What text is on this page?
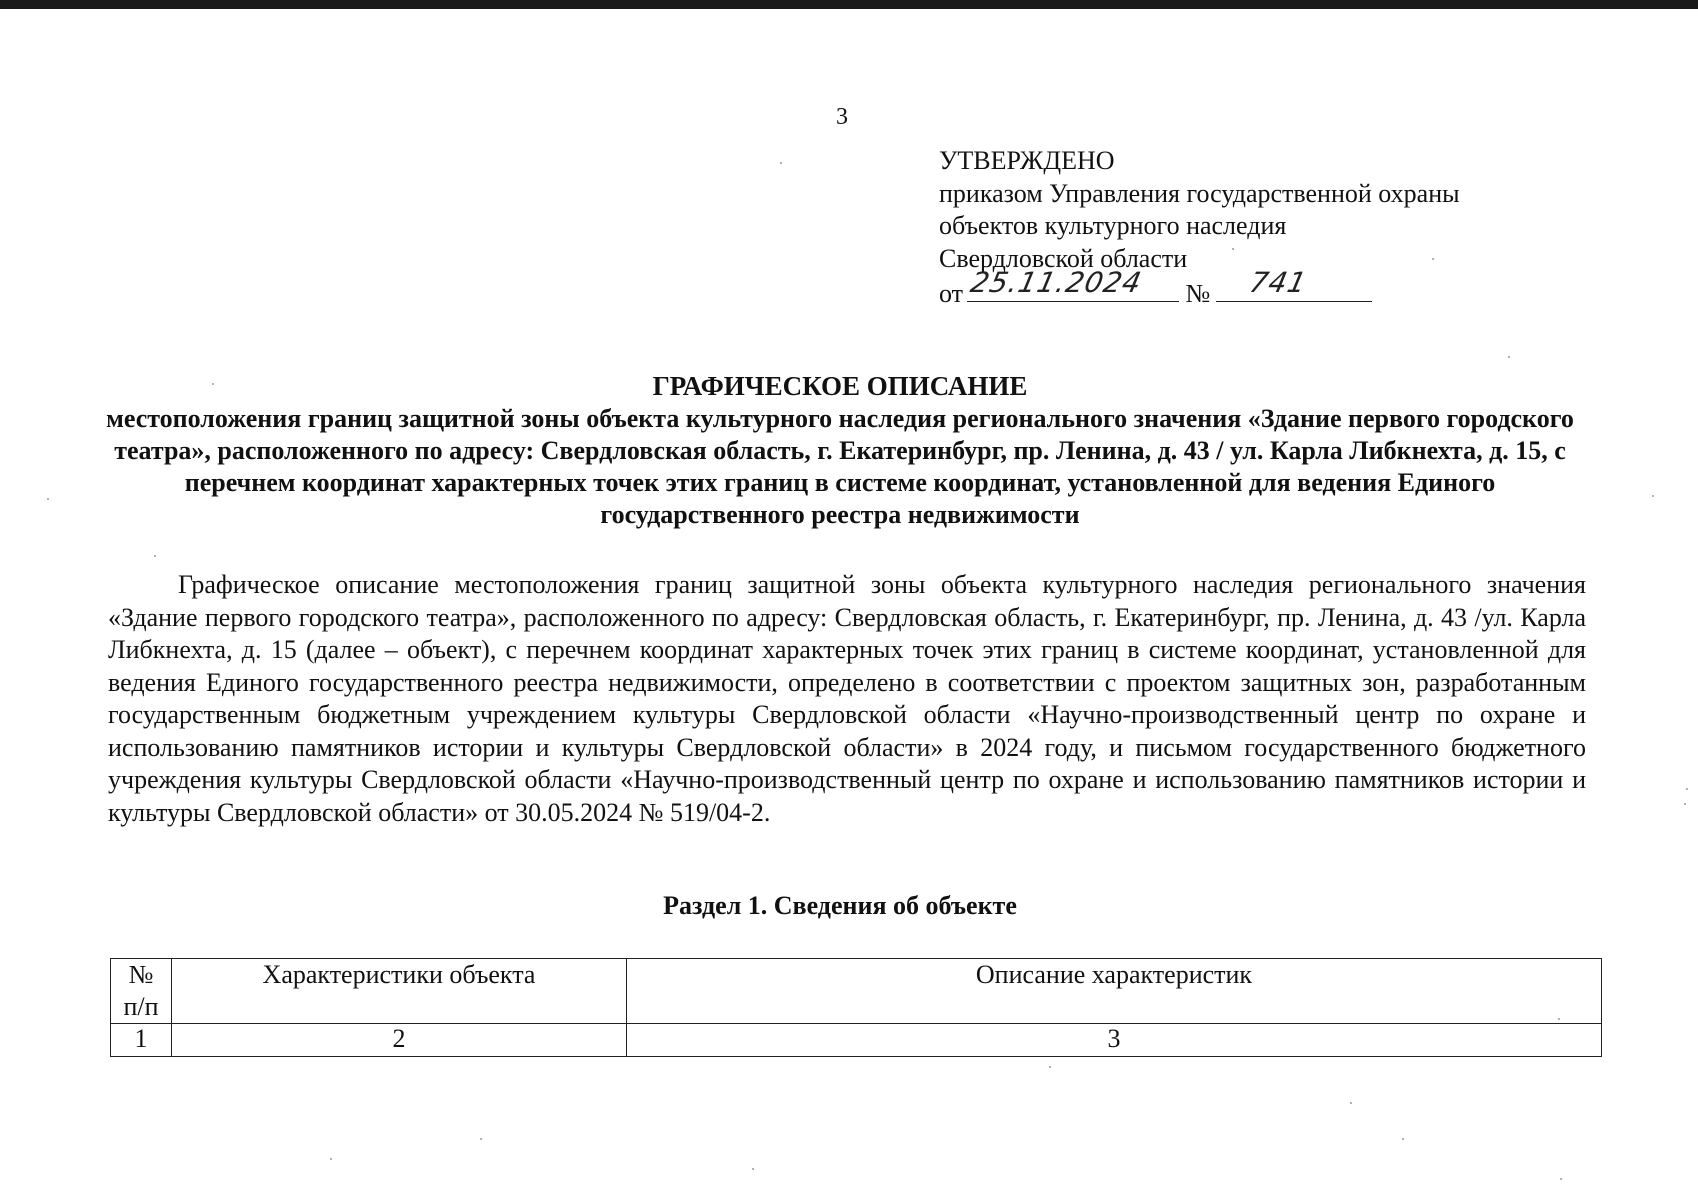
3
УТВЕРЖДЕНО
приказом Управления государственной охраны
объектов культурного наследия
Свердловской области
от 25.11.2024 № 741
ГРАФИЧЕСКОЕ ОПИСАНИЕ
местоположения границ защитной зоны объекта культурного наследия регионального значения «Здание первого городского театра», расположенного по адресу: Свердловская область, г. Екатеринбург, пр. Ленина, д. 43 / ул. Карла Либкнехта, д. 15, с перечнем координат характерных точек этих границ в системе координат, установленной для ведения Единого государственного реестра недвижимости
Графическое описание местоположения границ защитной зоны объекта культурного наследия регионального значения «Здание первого городского театра», расположенного по адресу: Свердловская область, г. Екатеринбург, пр. Ленина, д. 43 /ул. Карла Либкнехта, д. 15 (далее – объект), с перечнем координат характерных точек этих границ в системе координат, установленной для ведения Единого государственного реестра недвижимости, определено в соответствии с проектом защитных зон, разработанным государственным бюджетным учреждением культуры Свердловской области «Научно-производственный центр по охране и использованию памятников истории и культуры Свердловской области» в 2024 году, и письмом государственного бюджетного учреждения культуры Свердловской области «Научно-производственный центр по охране и использованию памятников истории и культуры Свердловской области» от 30.05.2024 № 519/04-2.
Раздел 1. Сведения об объекте
№ п/п	Характеристики объекта	Описание характеристик
1	2	3
